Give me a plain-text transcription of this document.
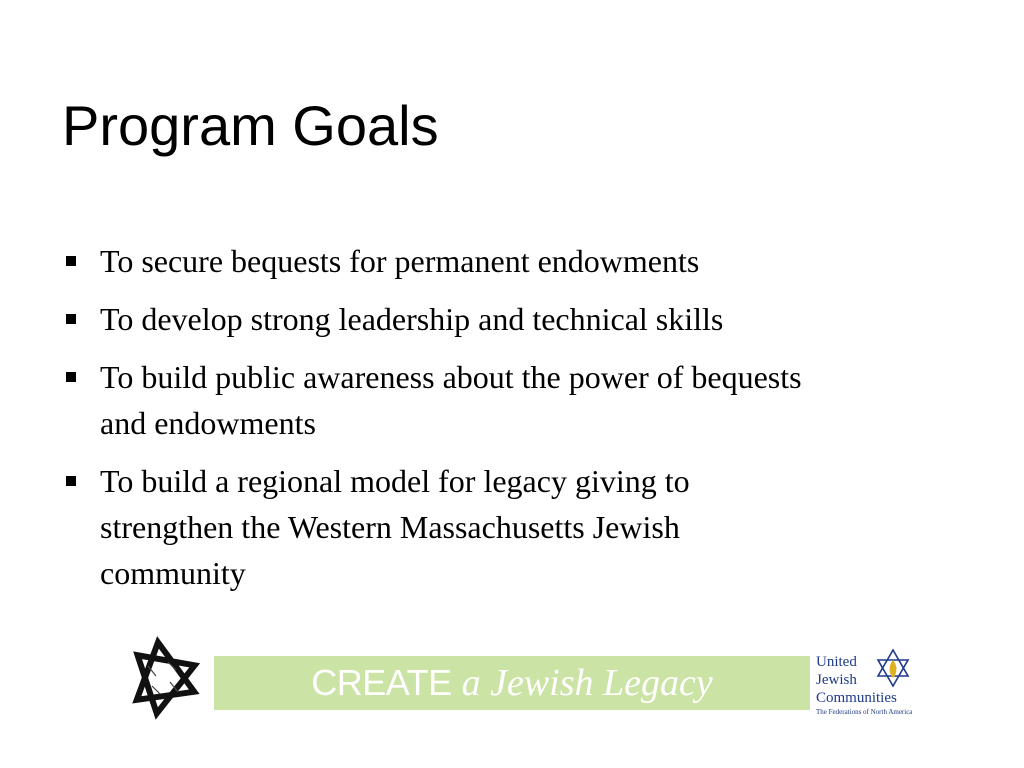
Program Goals
To secure bequests for permanent endowments
To develop strong leadership and technical skills
To build public awareness about the power of bequests
and endowments
To build a regional model for legacy giving to
strengthen the Western Massachusetts Jewish
community
CREATE a Jewish Legacy	United
Jewish
Communities
The Federations of North America
